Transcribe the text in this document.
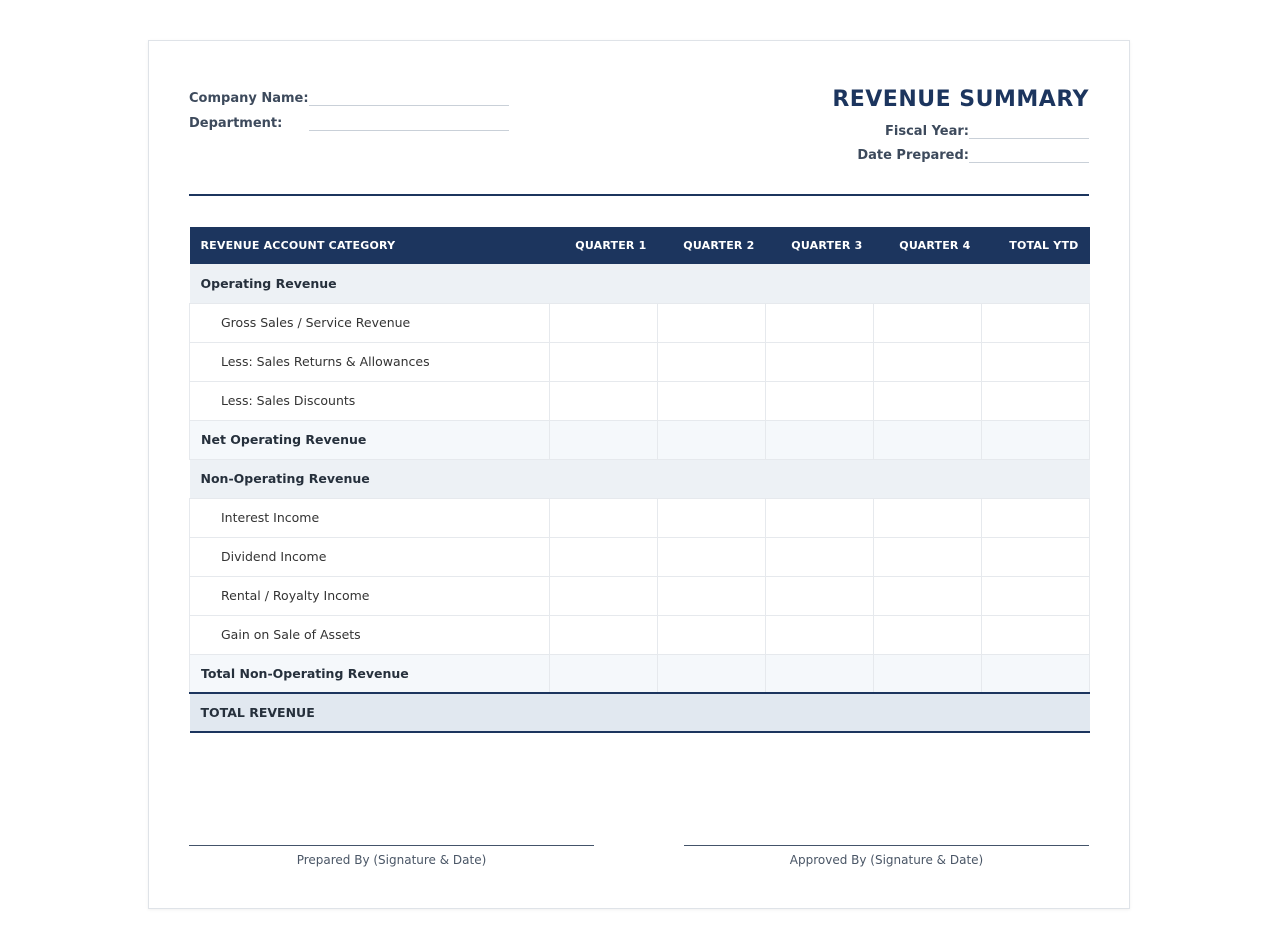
Company Name:
Department:
REVENUE SUMMARY
Fiscal Year:
Date Prepared:
REVENUE ACCOUNT CATEGORY	QUARTER 1	QUARTER 2	QUARTER 3	QUARTER 4	TOTAL YTD
Operating Revenue					
Gross Sales / Service Revenue					
Less: Sales Returns & Allowances					
Less: Sales Discounts					
Net Operating Revenue					
Non-Operating Revenue					
Interest Income					
Dividend Income					
Rental / Royalty Income					
Gain on Sale of Assets					
Total Non-Operating Revenue					
TOTAL REVENUE					
Prepared By (Signature & Date)	Approved By (Signature & Date)
